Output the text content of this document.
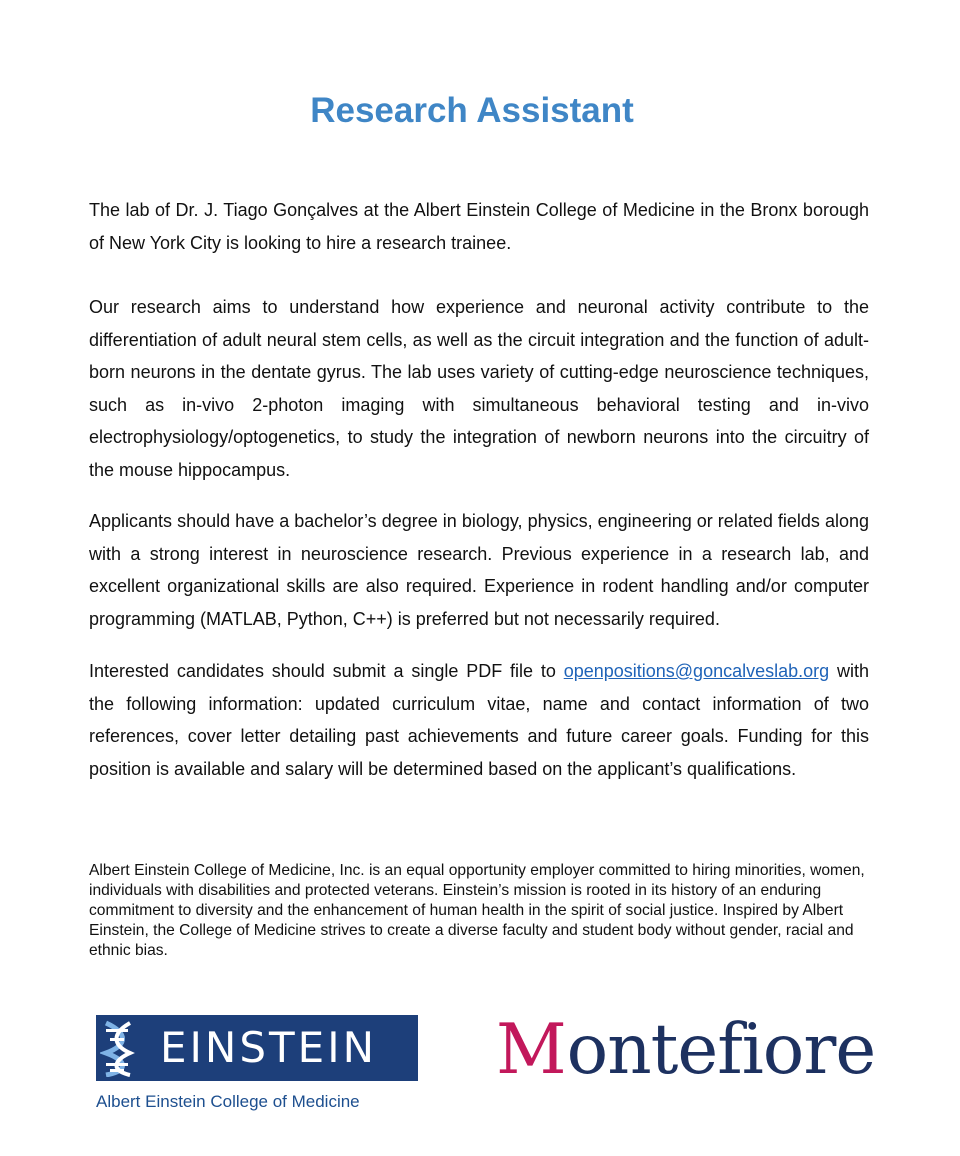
Research Assistant

The lab of Dr. J. Tiago Gonçalves at the Albert Einstein College of Medicine in the Bronx borough of New York City is looking to hire a research trainee.

Our research aims to understand how experience and neuronal activity contribute to the differentiation of adult neural stem cells, as well as the circuit integration and the function of adult-born neurons in the dentate gyrus. The lab uses variety of cutting-edge neuroscience techniques, such as in-vivo 2-photon imaging with simultaneous behavioral testing and in-vivo electrophysiology/optogenetics, to study the integration of newborn neurons into the circuitry of the mouse hippocampus.

Applicants should have a bachelor’s degree in biology, physics, engineering or related fields along with a strong interest in neuroscience research. Previous experience in a research lab, and excellent organizational skills are also required. Experience in rodent handling and/or computer programming (MATLAB, Python, C++) is preferred but not necessarily required.

Interested candidates should submit a single PDF file to openpositions@goncalveslab.org with the following information: updated curriculum vitae, name and contact information of two references, cover letter detailing past achievements and future career goals. Funding for this position is available and salary will be determined based on the applicant’s qualifications.

Albert Einstein College of Medicine, Inc. is an equal opportunity employer committed to hiring minorities, women, individuals with disabilities and protected veterans. Einstein’s mission is rooted in its history of an enduring commitment to diversity and the enhancement of human health in the spirit of social justice. Inspired by Albert Einstein, the College of Medicine strives to create a diverse faculty and student body without gender, racial and ethnic bias.

EINSTEIN
Albert Einstein College of Medicine
Montefiore
